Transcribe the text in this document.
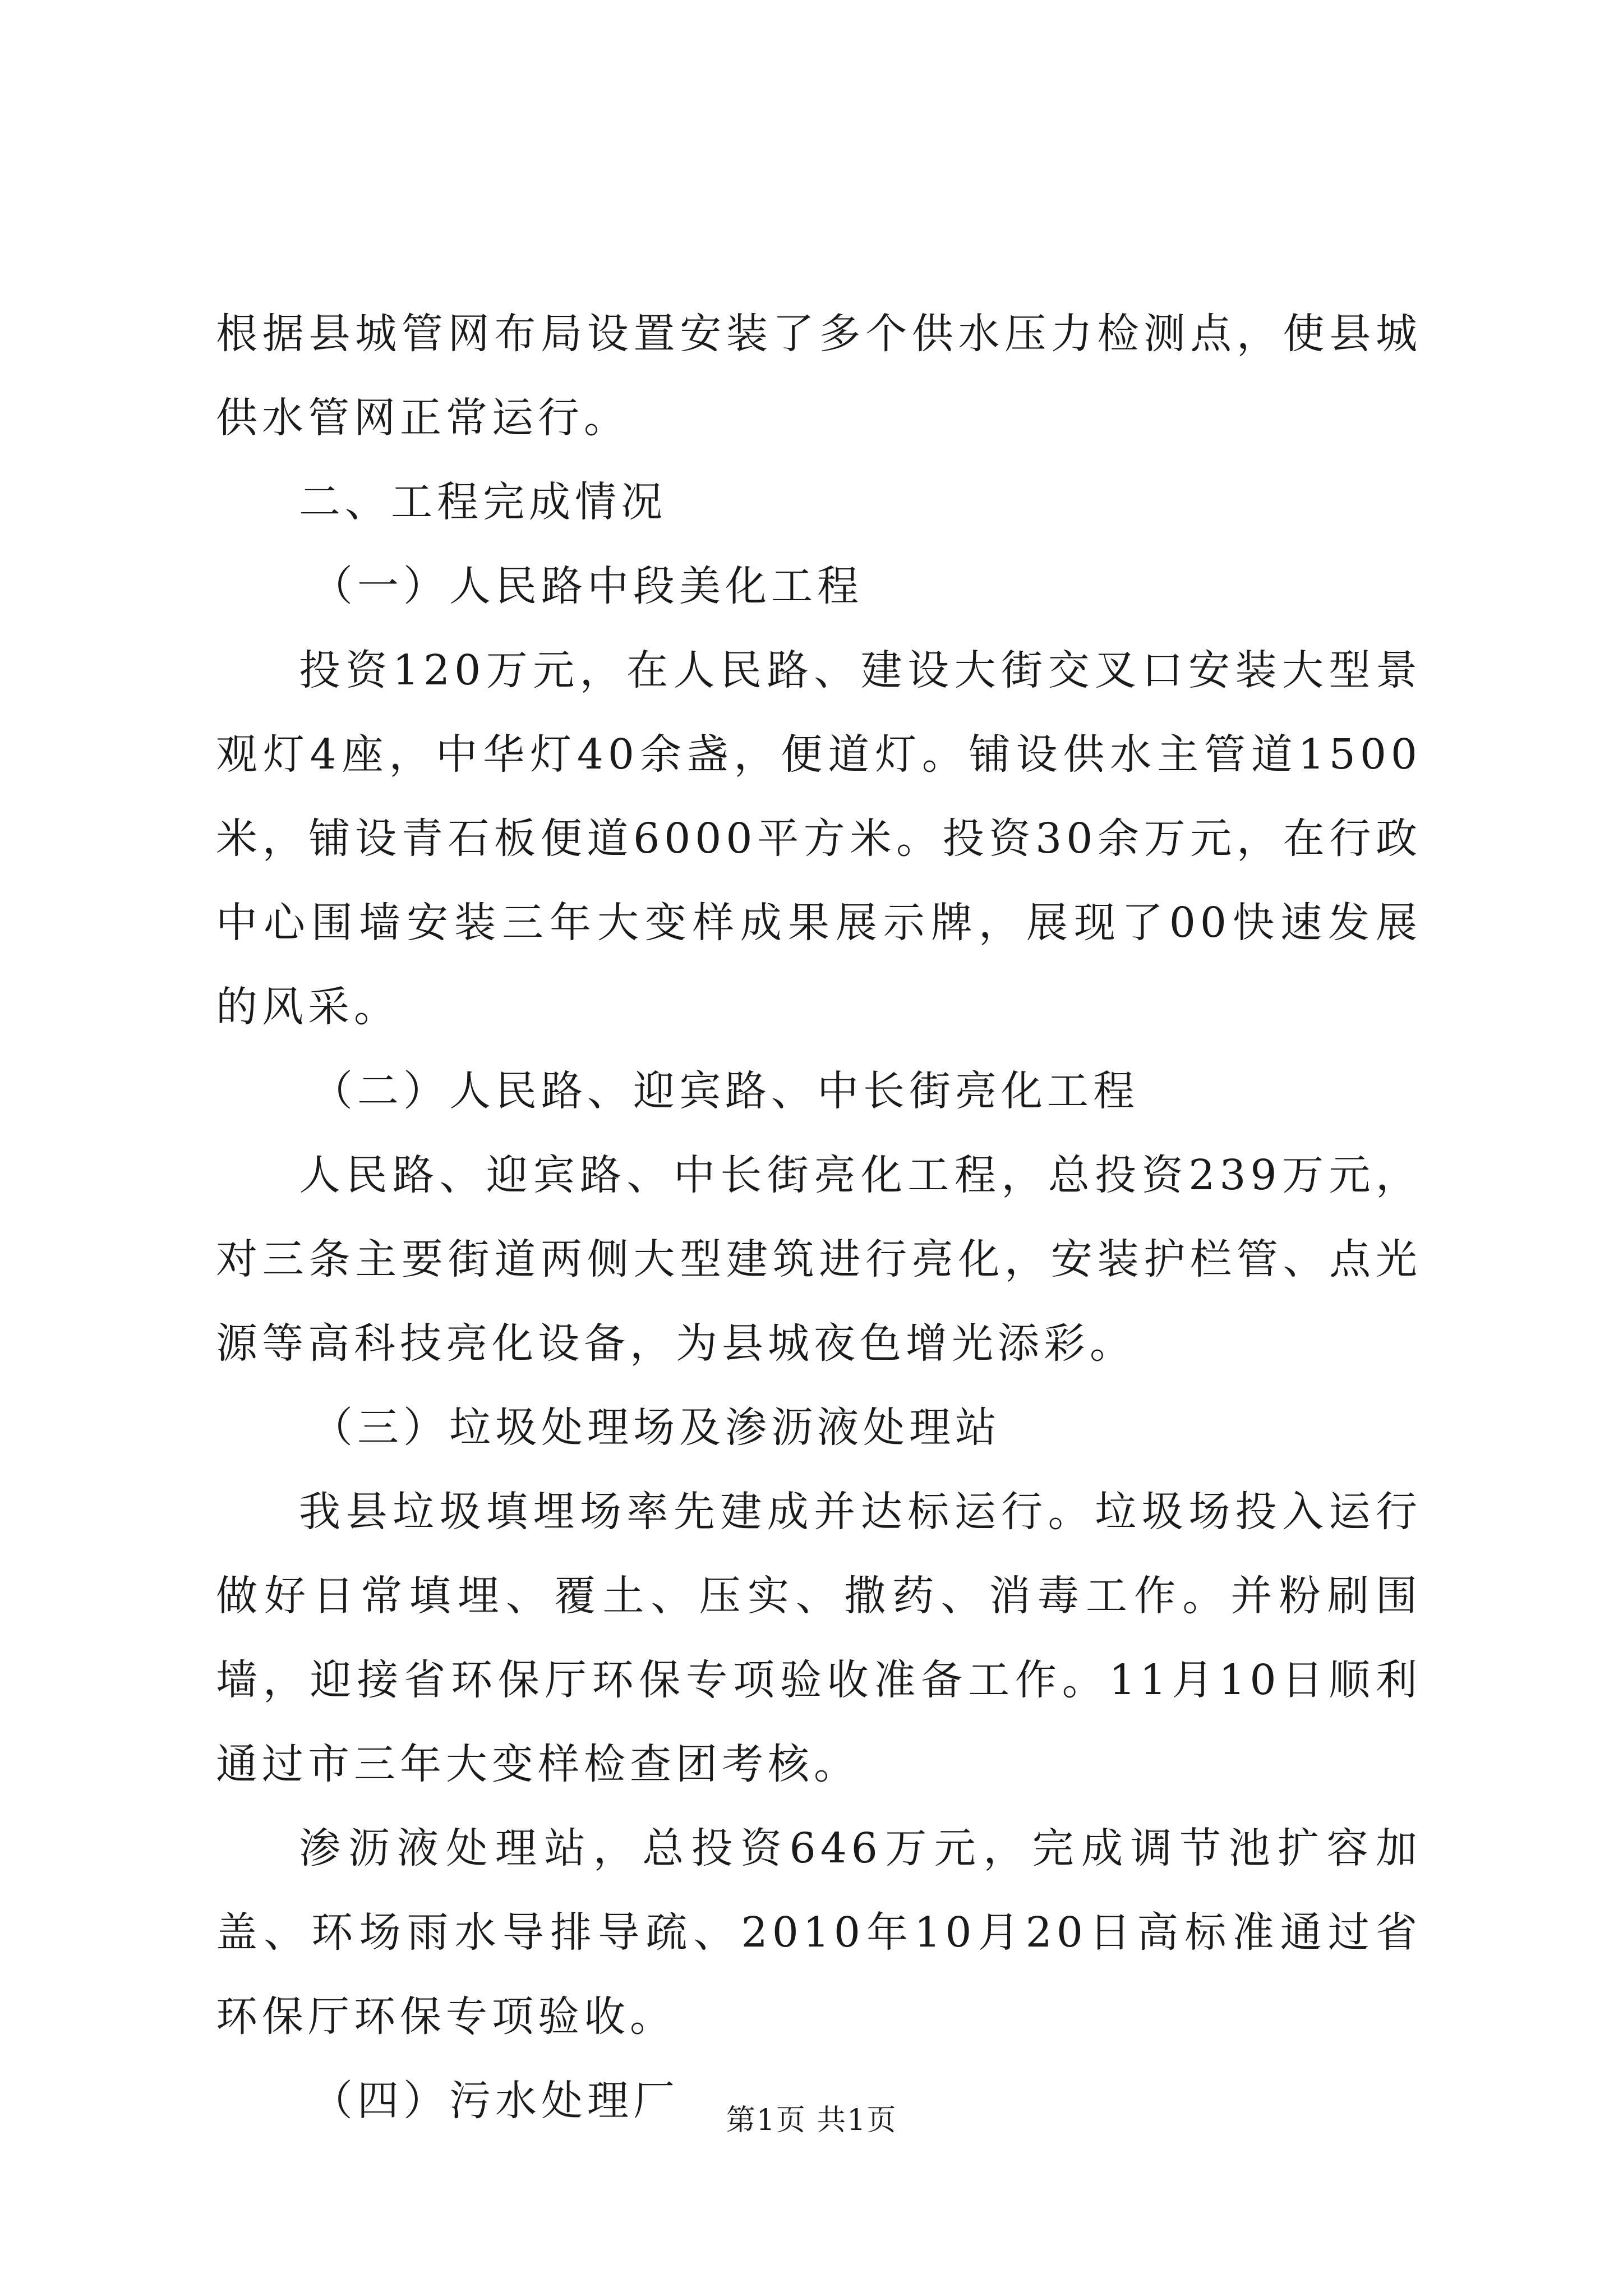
根据县城管网布局设置安装了多个供水压力检测点，使县城供水管网正常运行。

二、工程完成情况

（一）人民路中段美化工程

投资120万元，在人民路、建设大街交叉口安装大型景观灯4座，中华灯40余盏，便道灯。铺设供水主管道1500米，铺设青石板便道6000平方米。投资30余万元，在行政中心围墙安装三年大变样成果展示牌，展现了00快速发展的风采。

（二）人民路、迎宾路、中长街亮化工程

人民路、迎宾路、中长街亮化工程，总投资239万元，对三条主要街道两侧大型建筑进行亮化，安装护栏管、点光源等高科技亮化设备，为县城夜色增光添彩。

（三）垃圾处理场及渗沥液处理站

我县垃圾填埋场率先建成并达标运行。垃圾场投入运行做好日常填埋、覆土、压实、撒药、消毒工作。并粉刷围墙，迎接省环保厅环保专项验收准备工作。11月10日顺利通过市三年大变样检查团考核。

渗沥液处理站，总投资646万元，完成调节池扩容加盖、环场雨水导排导疏、2010年10月20日高标准通过省环保厅环保专项验收。

（四）污水处理厂	第1页 共1页
